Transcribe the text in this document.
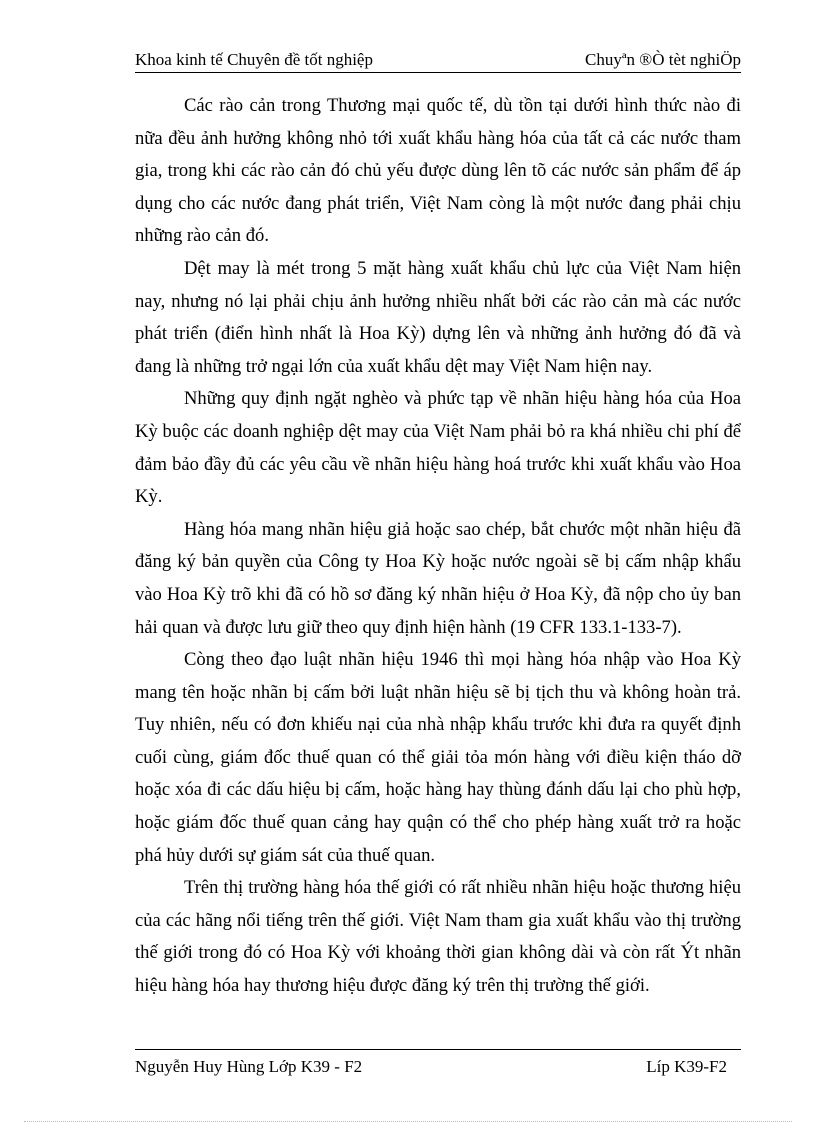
Khoa kinh tế Chuyên đề tốt nghiệp	Chuyªn ®Ò tèt nghiÖp

Các rào cản trong Thương mại quốc tế, dù tồn tại dưới hình thức nào đi nữa đều ảnh hưởng không nhỏ tới xuất khẩu hàng hóa của tất cả các nước tham gia, trong khi các rào cản đó chủ yếu được dùng lên tõ các nước sản phẩm để áp dụng cho các nước đang phát triển, Việt Nam còng là một nước đang phải chịu những rào cản đó.

Dệt may là mét trong 5 mặt hàng xuất khẩu chủ lực của Việt Nam hiện nay, nhưng nó lại phải chịu ảnh hưởng nhiều nhất bởi các rào cản mà các nước phát triển (điển hình nhất là Hoa Kỳ) dựng lên và những ảnh hưởng đó đã và đang là những trở ngại lớn của xuất khẩu dệt may Việt Nam hiện nay.

Những quy định ngặt nghèo và phức tạp về nhãn hiệu hàng hóa của Hoa Kỳ buộc các doanh nghiệp dệt may của Việt Nam phải bỏ ra khá nhiều chi phí để đảm bảo đầy đủ các yêu cầu về nhãn hiệu hàng hoá trước khi xuất khẩu vào Hoa Kỳ.

Hàng hóa mang nhãn hiệu giả hoặc sao chép, bắt chước một nhãn hiệu đã đăng ký bản quyền của Công ty Hoa Kỳ hoặc nước ngoài sẽ bị cấm nhập khẩu vào Hoa Kỳ trõ khi đã có hồ sơ đăng ký nhãn hiệu ở Hoa Kỳ, đã nộp cho ủy ban hải quan và được lưu giữ theo quy định hiện hành (19 CFR 133.1-133-7).

Còng theo đạo luật nhãn hiệu 1946 thì mọi hàng hóa nhập vào Hoa Kỳ mang tên hoặc nhãn bị cấm bởi luật nhãn hiệu sẽ bị tịch thu và không hoàn trả. Tuy nhiên, nếu có đơn khiếu nại của nhà nhập khẩu trước khi đưa ra quyết định cuối cùng, giám đốc thuế quan có thể giải tỏa món hàng với điều kiện tháo dỡ hoặc xóa đi các dấu hiệu bị cấm, hoặc hàng hay thùng đánh dấu lại cho phù hợp, hoặc giám đốc thuế quan cảng hay quận có thể cho phép hàng xuất trở ra hoặc phá hủy dưới sự giám sát của thuế quan.

Trên thị trường hàng hóa thế giới có rất nhiều nhãn hiệu hoặc thương hiệu của các hãng nổi tiếng trên thế giới. Việt Nam tham gia xuất khẩu vào thị trường thế giới trong đó có Hoa Kỳ với khoảng thời gian không dài và còn rất Ýt nhãn hiệu hàng hóa hay thương hiệu được đăng ký trên thị trường thế giới.

Nguyễn Huy Hùng Lớp K39 - F2	Líp K39-F2
